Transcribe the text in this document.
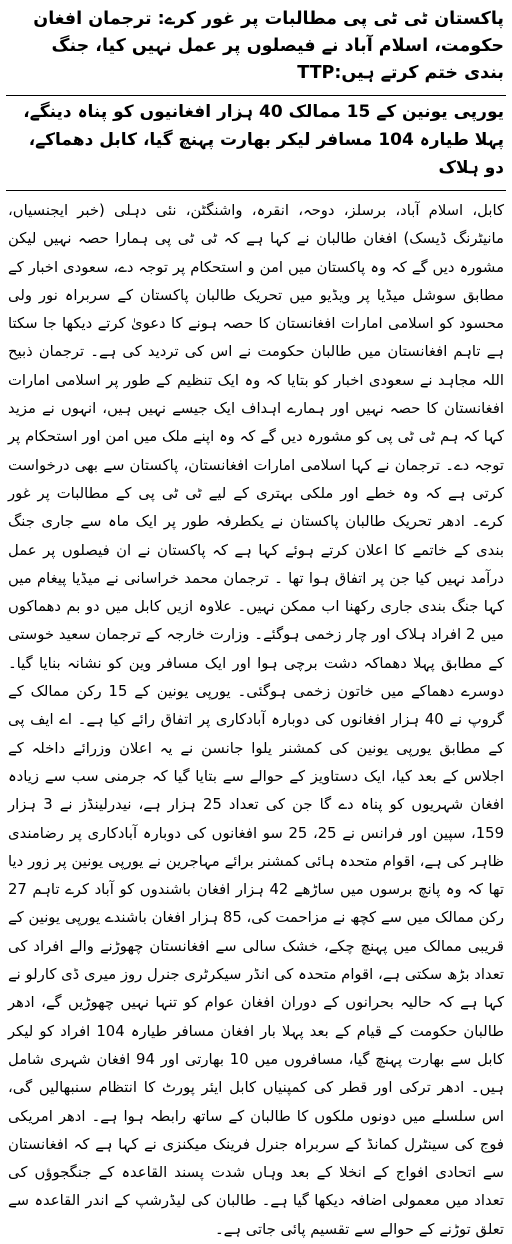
پاکستان ٹی ٹی پی مطالبات پر غور کرے: ترجمان افغان حکومت، اسلام آباد نے فیصلوں پر عمل نہیں کیا، جنگ بندی ختم کرتے ہیں:TTP
یورپی یونین کے 15 ممالک 40 ہزار افغانیوں کو پناہ دینگے، پہلا طیارہ 104 مسافر لیکر بھارت پہنچ گیا، کابل دھماکے، دو ہلاک
کابل، اسلام آباد، برسلز، دوحہ، انقرہ، واشنگٹن، نئی دہلی (خبر ایجنسیاں، مانیٹرنگ ڈیسک) افغان طالبان نے کہا ہے کہ ٹی ٹی پی ہمارا حصہ نہیں لیکن مشورہ دیں گے کہ وہ پاکستان میں امن و استحکام پر توجہ دے، سعودی اخبار کے مطابق سوشل میڈیا پر ویڈیو میں تحریک طالبان پاکستان کے سربراہ نور ولی محسود کو اسلامی امارات افغانستان کا حصہ ہونے کا دعویٰ کرتے دیکھا جا سکتا ہے تاہم افغانستان میں طالبان حکومت نے اس کی تردید کی ہے۔ ترجمان ذبیح اللہ مجاہد نے سعودی اخبار کو بتایا کہ وہ ایک تنظیم کے طور پر اسلامی امارات افغانستان کا حصہ نہیں اور ہمارے اہداف ایک جیسے نہیں ہیں، انہوں نے مزید کہا کہ ہم ٹی ٹی پی کو مشورہ دیں گے کہ وہ اپنے ملک میں امن اور استحکام پر توجہ دے۔ ترجمان نے کہا اسلامی امارات افغانستان، پاکستان سے بھی درخواست کرتی ہے کہ وہ خطے اور ملکی بہتری کے لیے ٹی ٹی پی کے مطالبات پر غور کرے۔ ادھر تحریک طالبان پاکستان نے یکطرفہ طور پر ایک ماہ سے جاری جنگ بندی کے خاتمے کا اعلان کرتے ہوئے کہا ہے کہ پاکستان نے ان فیصلوں پر عمل درآمد نہیں کیا جن پر اتفاق ہوا تھا ۔ ترجمان محمد خراسانی نے میڈیا پیغام میں کہا جنگ بندی جاری رکھنا اب ممکن نہیں۔ علاوہ ازیں کابل میں دو بم دھماکوں میں 2 افراد ہلاک اور چار زخمی ہوگئے۔ وزارت خارجہ کے ترجمان سعید خوستی کے مطابق پہلا دھماکہ دشت برچی ہوا اور ایک مسافر وین کو نشانہ بنایا گیا۔ دوسرے دھماکے میں خاتون زخمی ہوگئی۔ یورپی یونین کے 15 رکن ممالک کے گروپ نے 40 ہزار افغانوں کی دوبارہ آبادکاری پر اتفاق رائے کیا ہے۔ اے ایف پی کے مطابق یورپی یونین کی کمشنر یلوا جانسن نے یہ اعلان وزرائے داخلہ کے اجلاس کے بعد کیا، ایک دستاویز کے حوالے سے بتایا گیا کہ جرمنی سب سے زیادہ افغان شہریوں کو پناہ دے گا جن کی تعداد 25 ہزار ہے، نیدرلینڈز نے 3 ہزار 159، سپین اور فرانس نے 25، 25 سو افغانوں کی دوبارہ آبادکاری پر رضامندی ظاہر کی ہے، اقوام متحدہ ہائی کمشنر برائے مہاجرین نے یورپی یونین پر زور دیا تھا کہ وہ پانچ برسوں میں ساڑھے 42 ہزار افغان باشندوں کو آباد کرے تاہم 27 رکن ممالک میں سے کچھ نے مزاحمت کی، 85 ہزار افغان باشندے یورپی یونین کے قریبی ممالک میں پہنچ چکے، خشک سالی سے افغانستان چھوڑنے والے افراد کی تعداد بڑھ سکتی ہے، اقوام متحدہ کی انڈر سیکرٹری جنرل روز میری ڈی کارلو نے کہا ہے کہ حالیہ بحرانوں کے دوران افغان عوام کو تنہا نہیں چھوڑیں گے، ادھر طالبان حکومت کے قیام کے بعد پہلا بار افغان مسافر طیارہ 104 افراد کو لیکر کابل سے بھارت پہنچ گیا، مسافروں میں 10 بھارتی اور 94 افغان شہری شامل ہیں۔ ادھر ترکی اور قطر کی کمپنیاں کابل ایئر پورٹ کا انتظام سنبھالیں گی، اس سلسلے میں دونوں ملکوں کا طالبان کے ساتھ رابطہ ہوا ہے۔ ادھر امریکی فوج کی سینٹرل کمانڈ کے سربراہ جنرل فرینک میکنزی نے کہا ہے کہ افغانستان سے اتحادی افواج کے انخلا کے بعد وہاں شدت پسند القاعدہ کے جنگجوؤں کی تعداد میں معمولی اضافہ دیکھا گیا ہے۔ طالبان کی لیڈرشپ کے اندر القاعدہ سے تعلق توڑنے کے حوالے سے تقسیم پائی جاتی ہے۔
